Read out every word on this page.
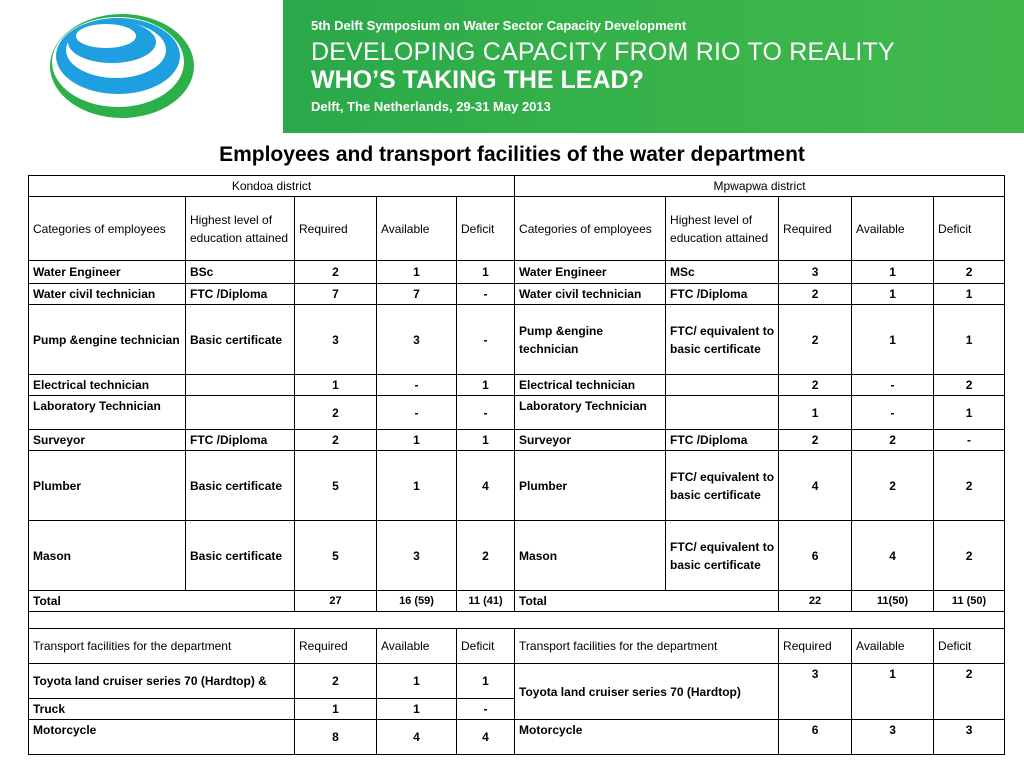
5th Delft Symposium on Water Sector Capacity Development
DEVELOPING CAPACITY FROM RIO TO REALITY
WHO’S TAKING THE LEAD?
Delft, The Netherlands, 29-31 May 2013
Employees and transport facilities of the water department
Kondoa district					Mpwapwa district				
Categories of employees	Highest level of education attained	Required	Available	Deficit	Categories of employees	Highest level of education attained	Required	Available	Deficit
Water Engineer	BSc	2	1	1	Water Engineer	MSc	3	1	2
Water civil technician	FTC /Diploma	7	7	-	Water civil technician	FTC /Diploma	2	1	1
Pump &engine technician	Basic certificate	3	3	-	Pump &engine technician	FTC/ equivalent to basic certificate	2	1	1
Electrical technician		1	-	1	Electrical technician		2	-	2
Laboratory Technician		2	-	-	Laboratory Technician		1	-	1
Surveyor	FTC /Diploma	2	1	1	Surveyor	FTC /Diploma	2	2	-
Plumber	Basic certificate	5	1	4	Plumber	FTC/ equivalent to basic certificate	4	2	2
Mason	Basic certificate	5	3	2	Mason	FTC/ equivalent to basic certificate	6	4	2
Total		27	16 (59)	11 (41)	Total		22	11(50)	11 (50)

Transport facilities for the department		Required	Available	Deficit	Transport facilities for the department		Required	Available	Deficit
Toyota land cruiser series 70 (Hardtop) &		2	1	1	Toyota land cruiser series 70 (Hardtop)		3	1	2
Truck		1	1	-					
Motorcycle		8	4	4	Motorcycle		6	3	3
